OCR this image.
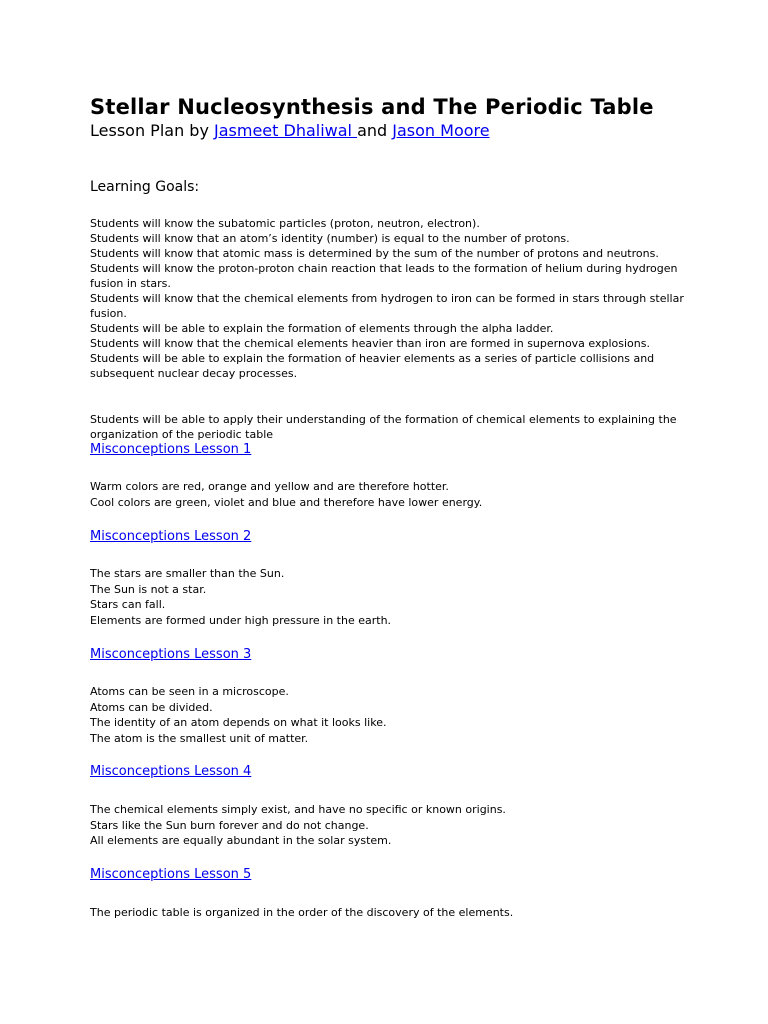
Stellar Nucleosynthesis and The Periodic Table
Lesson Plan by Jasmeet Dhaliwal and Jason Moore
Learning Goals:

Students will know the subatomic particles (proton, neutron, electron).

Students will know that an atom’s identity (number) is equal to the number of protons.

Students will know that atomic mass is determined by the sum of the number of protons and neutrons.

Students will know the proton-proton chain reaction that leads to the formation of helium during hydrogen fusion in stars.

Students will know that the chemical elements from hydrogen to iron can be formed in stars through stellar fusion.

Students will be able to explain the formation of elements through the alpha ladder.

Students will know that the chemical elements heavier than iron are formed in supernova explosions.

Students will be able to explain the formation of heavier elements as a series of particle collisions and subsequent nuclear decay processes.

Students will be able to apply their understanding of the formation of chemical elements to explaining the organization of the periodic table

Misconceptions Lesson 1

Warm colors are red, orange and yellow and are therefore hotter.

Cool colors are green, violet and blue and therefore have lower energy.

Misconceptions Lesson 2

The stars are smaller than the Sun.

The Sun is not a star.

Stars can fall.

Elements are formed under high pressure in the earth.

Misconceptions Lesson 3

Atoms can be seen in a microscope.

Atoms can be divided.

The identity of an atom depends on what it looks like.

The atom is the smallest unit of matter.

Misconceptions Lesson 4

The chemical elements simply exist, and have no specific or known origins.

Stars like the Sun burn forever and do not change.

All elements are equally abundant in the solar system.

Misconceptions Lesson 5

The periodic table is organized in the order of the discovery of the elements.
